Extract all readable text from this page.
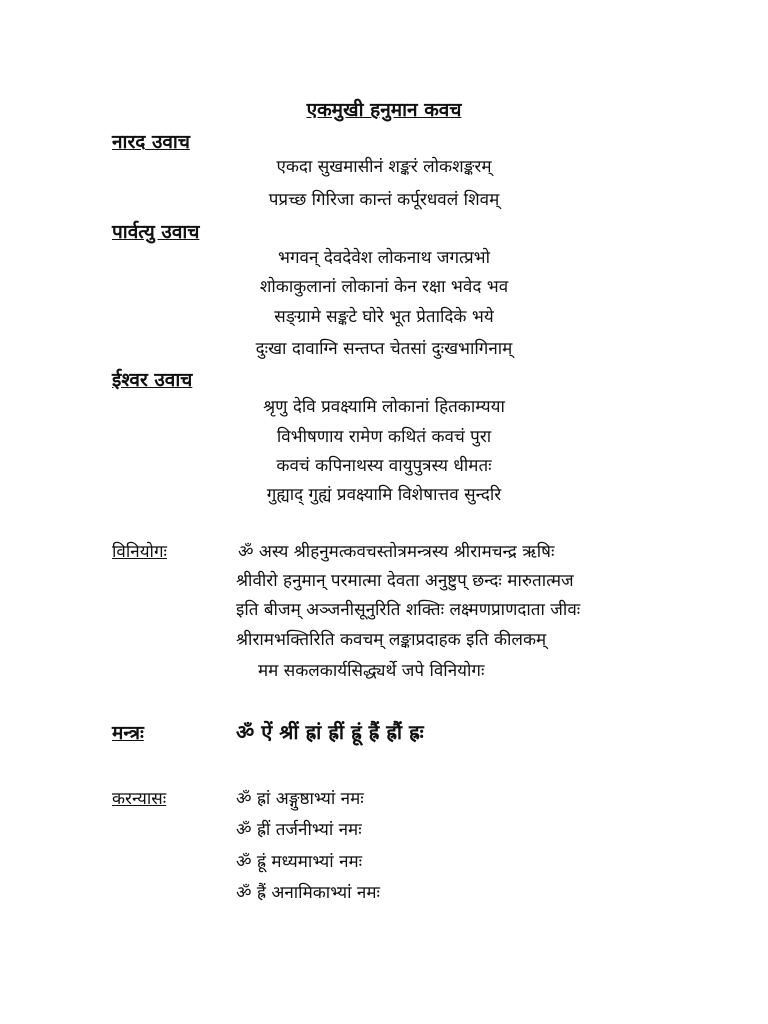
एकमुखी हनुमान कवच
नारद उवाच
एकदा सुखमासीनं शङ्करं लोकशङ्करम्
पप्रच्छ गिरिजा कान्तं कर्पूरधवलं शिवम्
पार्वत्यु उवाच
भगवन् देवदेवेश लोकनाथ जगत्प्रभो
शोकाकुलानां लोकानां केन रक्षा भवेद भव
सङ्ग्रामे सङ्कटे घोरे भूत प्रेतादिके भये
दुःखा दावाग्नि सन्तप्त चेतसां दुःखभागिनाम्
ईश्वर उवाच
श्रृणु देवि प्रवक्ष्यामि लोकानां हितकाम्यया
विभीषणाय रामेण कथितं कवचं पुरा
कवचं कपिनाथस्य वायुपुत्रस्य धीमतः
गुह्याद् गुह्यं प्रवक्ष्यामि विशेषात्तव सुन्दरि
विनियोगः	ॐ अस्य श्रीहनुमत्कवचस्तोत्रमन्त्रस्य श्रीरामचन्द्र ऋषिः
श्रीवीरो हनुमान् परमात्मा देवता अनुष्टुप् छन्दः मारुतात्मज
इति बीजम् अञ्जनीसूनुरिति शक्तिः लक्ष्मणप्राणदाता जीवः
श्रीरामभक्तिरिति कवचम् लङ्काप्रदाहक इति कीलकम्
मम सकलकार्यसिद्ध्यर्थे जपे विनियोगः
मन्त्रः	ॐ ऐं श्रीं ह्रां ह्रीं ह्रूं ह्रैं ह्रौं ह्रः
करन्यासः	ॐ ह्रां अङ्गुष्ठाभ्यां नमः
ॐ ह्रीं तर्जनीभ्यां नमः
ॐ ह्रूं मध्यमाभ्यां नमः
ॐ ह्रैं अनामिकाभ्यां नमः
